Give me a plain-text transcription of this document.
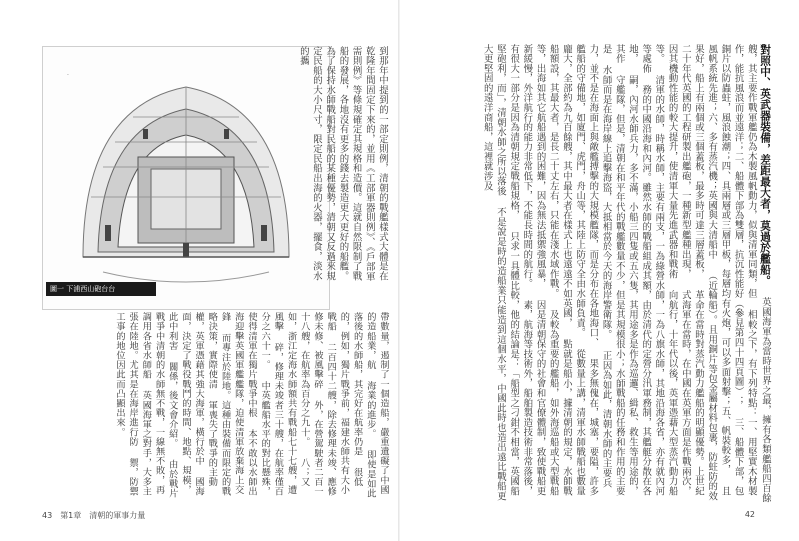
·
圖一 下浦西山砲台台
到那年中提到的一部定則例，清朝的戰艦樣式大體是在乾隆年間固定下來的，並用《工部軍器則例》、《戶部軍 需則例》等條規確定其規格和造價。這就自然限制了戰船的發展，各地沒有更多的錢去製造更大更好的船艦。 為了保持水師戰船對民船的某種優勢，清朝又反過來規定民船的大小尺寸，限定民船出海的火器，擺食，淡水的攜
帶數量，遏制了一個造船，嚴重遺礙了中國的造船業，航 海業的進步。 即使是如此落後的水師船，其完好在航率仍是 很低的，例如，獨片戰爭前，福建水師共有大小戰船 二百四十二艘，除去修理未竣、應修修未修、被風擊碎 外，在營駕駛者二百一十八艘，在航率為百分之九十。 八；又如，浙江定海水師額共有戰船七十七艘，遭風擊 碎，修理未竣者三十艘，在航率僅百分之六十一。 中英艦船水平的對比懸殊，使得清軍在獨片戰爭中根 本不敢以水師出海迎擊英國軍艦艦隊，迫使清軍放棄海上交鋒 而專注於陸地。這種由裝備而限定的戰略決策，實際使清 軍喪失了戰爭的主動權，英軍憑藉其強大海軍，橫行於中 國海面，決定了戰役戰鬥的時間、地點、規模，此中利害 關係，後文會介紹。 由於戰片戰爭中清朝的水師無不戰，一線無不敗，再調用各省水師船 英國海軍之對手，大多主張在陸地。尤其是在海岸進行防 禦，防禦工事的地位因此而凸顯出來。
43 第1章 清朝的軍事力量
對照中、英武器裝備，差距最大者，莫過於艦船。 英國海軍為當時世界之最，擁有各類艦船四百餘艘，其主要作戰軍艦仍為木製風帆動力，似與清軍同類，但 相較之下，有下列特點：一、用堅實木材製作，能抗風浪而並遠洋；二、船體下部為雙層，抗沉性能好（參見第四十四頁圖）； 三、船體下部，包銅片以防蟲蛀，風浪蝕潮；四、具兩層或三層甲板，每層均有火炮，可以多面射擊；五、帆裝較多， 且風帆系統先進；六、多有蒸汽機；英國與大清船中 （近輪船）。且用銅片等包金屬材料包裹，防蛀防的效果好，船上有兩個或三個蓋板，最多時可達三層蓋板， 革命在當時對蒸汽動力艦船的明顯優勢。上世紀二十年代英國的工程研製出艦砲，一種新型艦種出現， 式海軍在當時，在中國在英軍方面是作戰兩次，因其機動性能的較大提升，使清軍大量先進武器和戰術 向航行，十年代以後，英軍憑藉大型蒸汽動力船等。 清軍的水師，時稱水師，主要有兩支，一為綠營水師，一為八旗水師，其地沿海各省，亦有就內河等處佈 務的中國沿海和內河。雖然水師的戰船組成其額，由於清代的定營分汛軍務制，其艦艇分散在各地， 嗣，內河水師兵力，多不滿，小船三四隻或五六隻，其用途多是作為巡邏、緝私、救生等用途的，其作 守艦隊，但是，清朝在和平年代的戰艦數量不少，但是其規模很小；水師戰船的任務和作用的主要是 水師而是在海岸線上追擊海盜，大抵相當於今天的海岸警衛隊。 正因為如此，清朝水師的主要兵力，並不是在海面上與敵艦搏擊的大規模艦隊，而是分布在各地海口、 果多無傀在，城塞，要隘，許多艦船的守備地，如廈門、虎門，舟山等，其陸上防守全由水師負責。 從數量上講，清軍水師戰船也數量龐大，全部約為九百餘艘，其中最大者在樣式上也遠遠不如英國， 點就是船小，據清朝的規定，水師戰船額設，其最大者，是長二十丈左右，只能在淺水域作戰。 及較為重要的艦船，如外海巡船或大型戰船等，出海如其它航船遇到的困難，因為無法抵禦強風暴， 因是清朝保守的社會和官僚體制，致使戰船更新緩慢，外洋航行的能力非常低下，不能長時間的航行。 素，航海等技術外，船舶製造技術非常落後，有很大一部分是因為清朝規定戰船規格， 只求一具體比較，他的結論是：「船型之刁鉗不相當，英國船堅砲利，而」，清朝水師之所以落後 不是說是時的造船業只能造到這個水平，中國此時也造出遠比戰船更大更堅固的遠洋商船，這裡就涉及
42
